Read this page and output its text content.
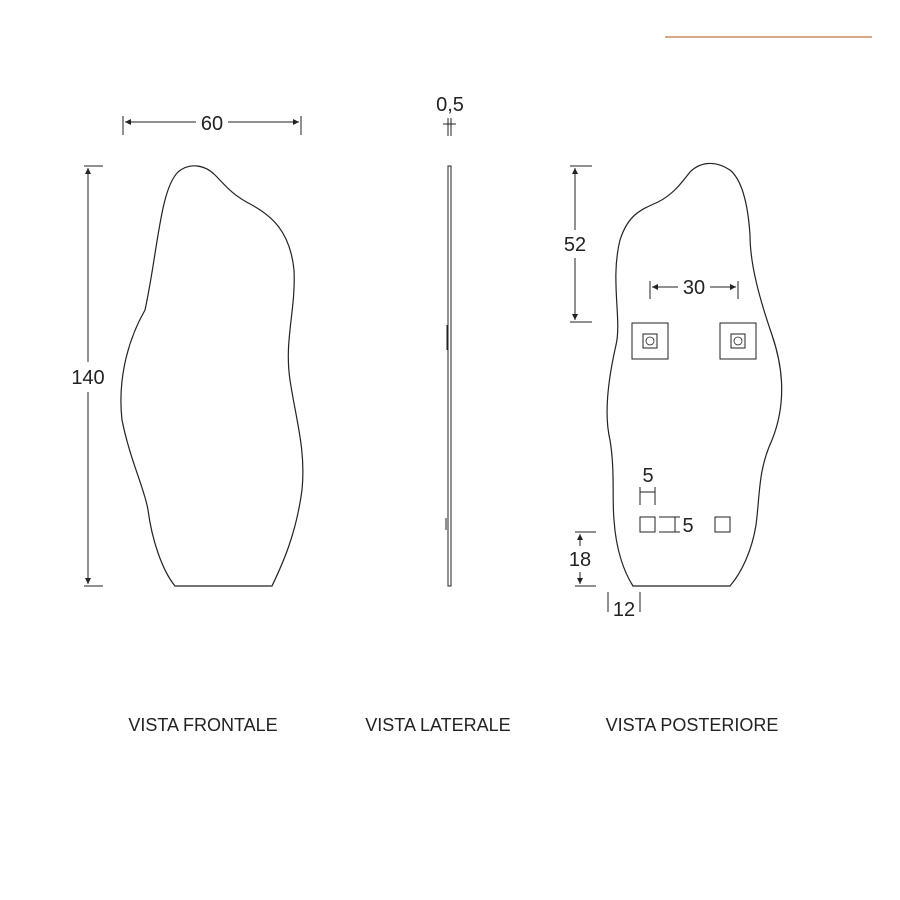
60
140
VISTA FRONTALE
0,5
VISTA LATERALE
52
30
5
5
18
12
VISTA POSTERIORE
